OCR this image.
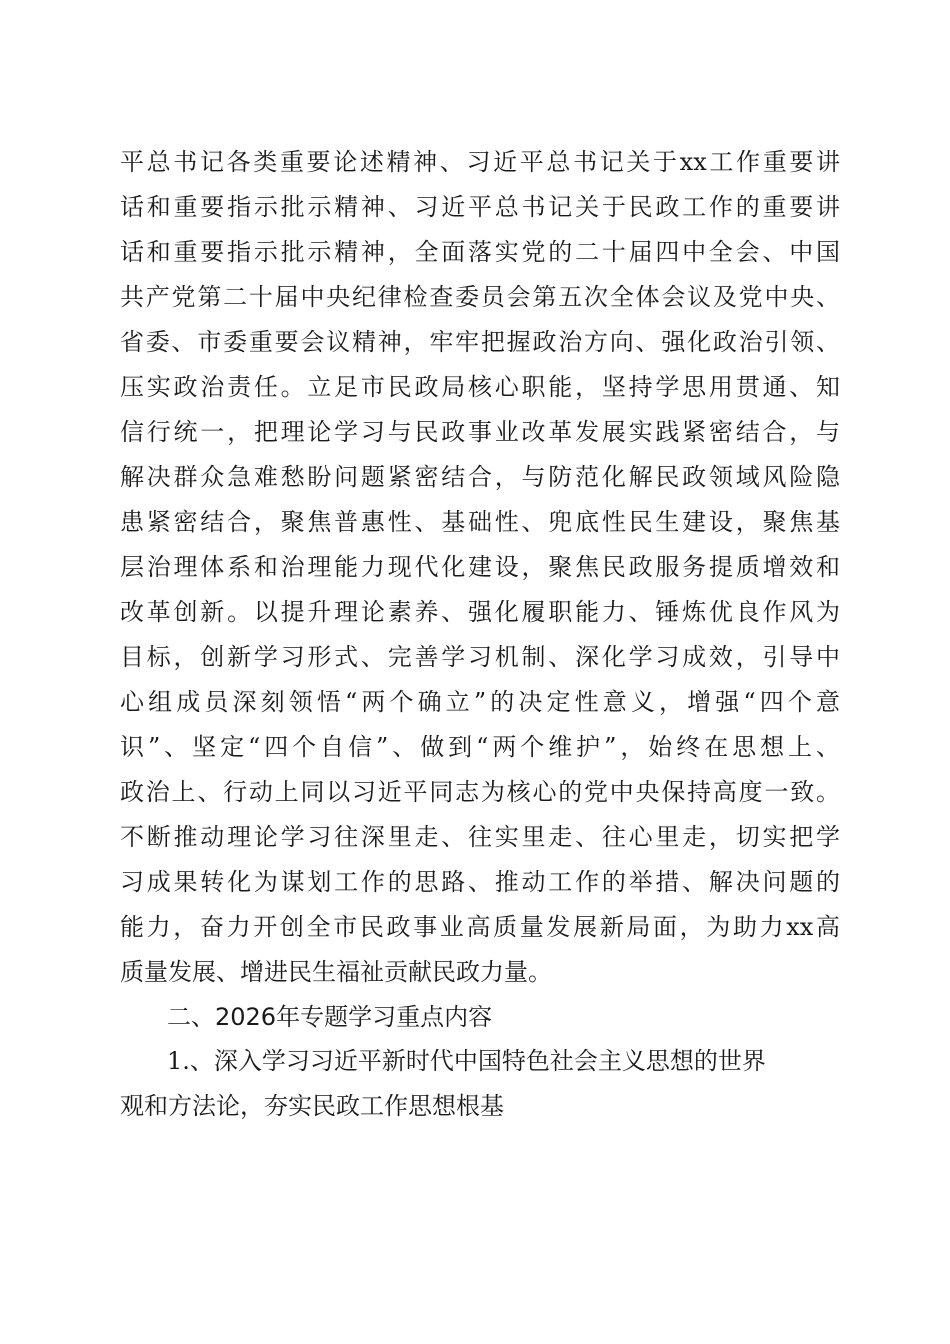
平总书记各类重要论述精神、习近平总书记关于xx工作重要讲
话和重要指示批示精神、习近平总书记关于民政工作的重要讲
话和重要指示批示精神，全面落实党的二十届四中全会、中国
共产党第二十届中央纪律检查委员会第五次全体会议及党中央、
省委、市委重要会议精神，牢牢把握政治方向、强化政治引领、
压实政治责任。立足市民政局核心职能，坚持学思用贯通、知
信行统一，把理论学习与民政事业改革发展实践紧密结合，与
解决群众急难愁盼问题紧密结合，与防范化解民政领域风险隐
患紧密结合，聚焦普惠性、基础性、兜底性民生建设，聚焦基
层治理体系和治理能力现代化建设，聚焦民政服务提质增效和
改革创新。以提升理论素养、强化履职能力、锤炼优良作风为
目标，创新学习形式、完善学习机制、深化学习成效，引导中
心组成员深刻领悟“两个确立”的决定性意义，增强“四个意
识”、坚定“四个自信”、做到“两个维护”，始终在思想上、
政治上、行动上同以习近平同志为核心的党中央保持高度一致。
不断推动理论学习往深里走、往实里走、往心里走，切实把学
习成果转化为谋划工作的思路、推动工作的举措、解决问题的
能力，奋力开创全市民政事业高质量发展新局面，为助力xx高
质量发展、增进民生福祉贡献民政力量。
二、2026年专题学习重点内容
1.、深入学习习近平新时代中国特色社会主义思想的世界
观和方法论，夯实民政工作思想根基
